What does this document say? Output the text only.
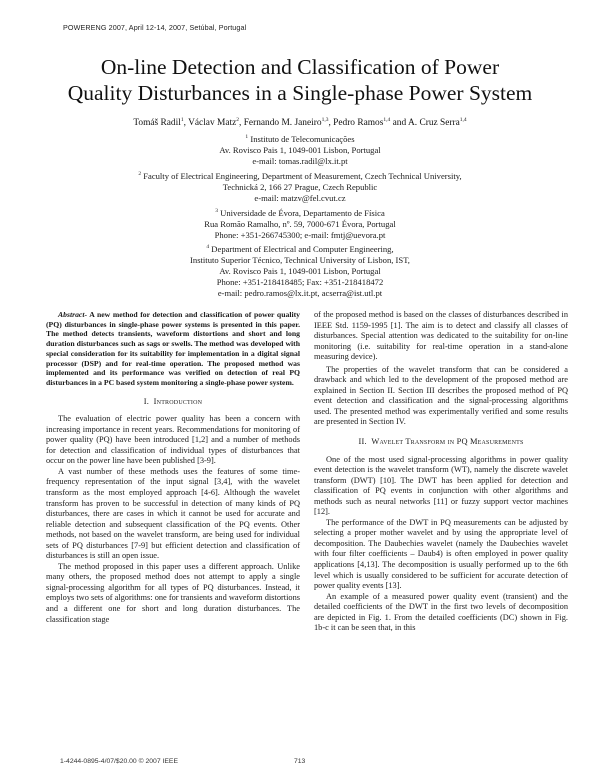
POWERENG 2007, April 12-14, 2007, Setúbal, Portugal
On-line Detection and Classification of Power
Quality Disturbances in a Single-phase Power System
Tomáš Radil$^1$, Václav Matz$^2$, Fernando M. Janeiro$^{1,3}$, Pedro Ramos$^{1,4}$ and A. Cruz Serra$^{1,4}$
$^1$ Instituto de Telecomunicações
Av. Rovisco Pais 1, 1049-001 Lisbon, Portugal
e-mail: tomas.radil@lx.it.pt
$^2$ Faculty of Electrical Engineering, Department of Measurement, Czech Technical University,
Technická 2, 166 27 Prague, Czech Republic
e-mail: matzv@fel.cvut.cz
$^3$ Universidade de Évora, Departamento de Física
Rua Romão Ramalho, nº. 59, 7000-671 Évora, Portugal
Phone: +351-266745300; e-mail: fmtj@uevora.pt
$^4$ Department of Electrical and Computer Engineering,
Instituto Superior Técnico, Technical University of Lisbon, IST,
Av. Rovisco Pais 1, 1049-001 Lisbon, Portugal
Phone: +351-218418485; Fax: +351-218418472
e-mail: pedro.ramos@lx.it.pt, acserra@ist.utl.pt

Abstract- A new method for detection and classification of power quality (PQ) disturbances in single-phase power systems is presented in this paper. The method detects transients, waveform distortions and short and long duration disturbances such as sags or swells. The method was developed with special consideration for its suitability for implementation in a digital signal processor (DSP) and for real-time operation. The proposed method was implemented and its performance was verified on detection of real PQ disturbances in a PC based system monitoring a single-phase power system.

I. Introduction

The evaluation of electric power quality has been a concern with increasing importance in recent years. Recommendations for monitoring of power quality (PQ) have been introduced [1,2] and a number of methods for detection and classification of individual types of disturbances that occur on the power line have been published [3-9].

A vast number of these methods uses the features of some time-frequency representation of the input signal [3,4], with the wavelet transform as the most employed approach [4-6]. Although the wavelet transform has proven to be successful in detection of many kinds of PQ disturbances, there are cases in which it cannot be used for accurate and reliable detection and subsequent classification of the PQ events. Other methods, not based on the wavelet transform, are being used for individual sets of PQ disturbances [7-9] but efficient detection and classification of disturbances is still an open issue.

The method proposed in this paper uses a different approach. Unlike many others, the proposed method does not attempt to apply a single signal-processing algorithm for all types of PQ disturbances. Instead, it employs two sets of algorithms: one for transients and waveform distortions and a different one for short and long duration disturbances. The classification stage

of the proposed method is based on the classes of disturbances described in IEEE Std. 1159-1995 [1]. The aim is to detect and classify all classes of disturbances. Special attention was dedicated to the suitability for on-line monitoring (i.e. suitability for real-time operation in a stand-alone measuring device).

The properties of the wavelet transform that can be considered a drawback and which led to the development of the proposed method are explained in Section II. Section III describes the proposed method of PQ event detection and classification and the signal-processing algorithms used. The presented method was experimentally verified and some results are presented in Section IV.

II. Wavelet Transform in PQ Measurements

One of the most used signal-processing algorithms in power quality event detection is the wavelet transform (WT), namely the discrete wavelet transform (DWT) [10]. The DWT has been applied for detection and classification of PQ events in conjunction with other algorithms and methods such as neural networks [11] or fuzzy support vector machines [12].

The performance of the DWT in PQ measurements can be adjusted by selecting a proper mother wavelet and by using the appropriate level of decomposition. The Daubechies wavelet (namely the Daubechies wavelet with four filter coefficients – Daub4) is often employed in power quality applications [4,13]. The decomposition is usually performed up to the 6th level which is usually considered to be sufficient for accurate detection of power quality events [13].

An example of a measured power quality event (transient) and the detailed coefficients of the DWT in the first two levels of decomposition are depicted in Fig. 1. From the detailed coefficients (DC) shown in Fig. 1b-c it can be seen that, in this

1-4244-0895-4/07/$20.00 © 2007 IEEE	713
